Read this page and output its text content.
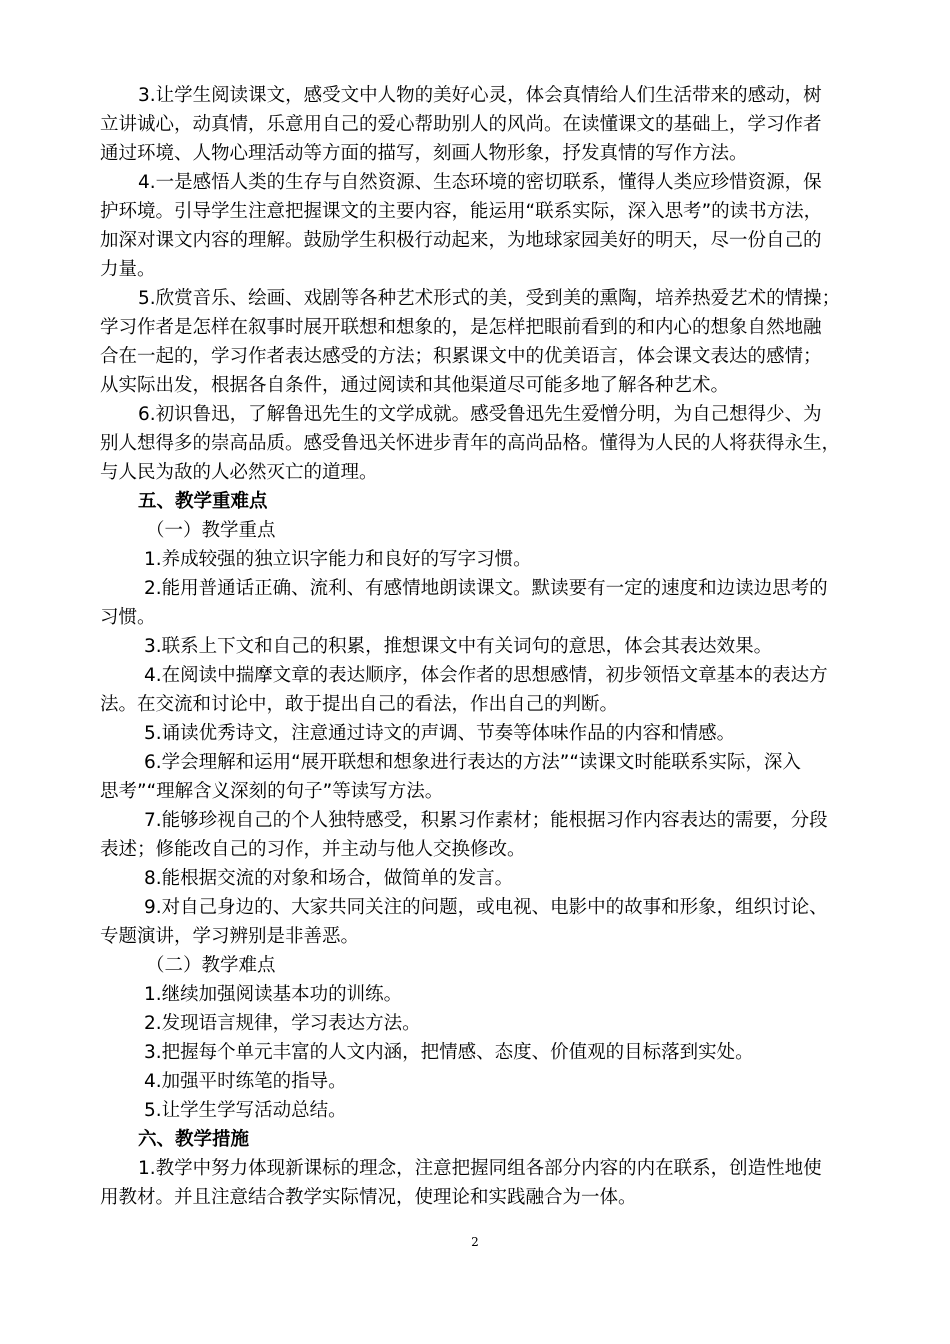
3.让学生阅读课文，感受文中人物的美好心灵，体会真情给人们生活带来的感动，树
立讲诚心，动真情，乐意用自己的爱心帮助别人的风尚。在读懂课文的基础上，学习作者
通过环境、人物心理活动等方面的描写，刻画人物形象，抒发真情的写作方法。
4.一是感悟人类的生存与自然资源、生态环境的密切联系，懂得人类应珍惜资源，保
护环境。引导学生注意把握课文的主要内容，能运用“联系实际，深入思考”的读书方法，
加深对课文内容的理解。鼓励学生积极行动起来，为地球家园美好的明天，尽一份自己的
力量。
5.欣赏音乐、绘画、戏剧等各种艺术形式的美，受到美的熏陶，培养热爱艺术的情操；
学习作者是怎样在叙事时展开联想和想象的，是怎样把眼前看到的和内心的想象自然地融
合在一起的，学习作者表达感受的方法；积累课文中的优美语言，体会课文表达的感情；
从实际出发，根据各自条件，通过阅读和其他渠道尽可能多地了解各种艺术。
6.初识鲁迅，了解鲁迅先生的文学成就。感受鲁迅先生爱憎分明，为自己想得少、为
别人想得多的崇高品质。感受鲁迅关怀进步青年的高尚品格。懂得为人民的人将获得永生，
与人民为敌的人必然灭亡的道理。
五、教学重难点
（一）教学重点
1.养成较强的独立识字能力和良好的写字习惯。
2.能用普通话正确、流利、有感情地朗读课文。默读要有一定的速度和边读边思考的
习惯。
3.联系上下文和自己的积累，推想课文中有关词句的意思，体会其表达效果。
4.在阅读中揣摩文章的表达顺序，体会作者的思想感情，初步领悟文章基本的表达方
法。在交流和讨论中，敢于提出自己的看法，作出自己的判断。
5.诵读优秀诗文，注意通过诗文的声调、节奏等体味作品的内容和情感。
6.学会理解和运用“展开联想和想象进行表达的方法”“读课文时能联系实际，深入
思考”“理解含义深刻的句子”等读写方法。
7.能够珍视自己的个人独特感受，积累习作素材；能根据习作内容表达的需要，分段
表述；修能改自己的习作，并主动与他人交换修改。
8.能根据交流的对象和场合，做简单的发言。
9.对自己身边的、大家共同关注的问题，或电视、电影中的故事和形象，组织讨论、
专题演讲，学习辨别是非善恶。
（二）教学难点
1.继续加强阅读基本功的训练。
2.发现语言规律，学习表达方法。
3.把握每个单元丰富的人文内涵，把情感、态度、价值观的目标落到实处。
4.加强平时练笔的指导。
5.让学生学写活动总结。
六、教学措施
1.教学中努力体现新课标的理念，注意把握同组各部分内容的内在联系，创造性地使
用教材。并且注意结合教学实际情况，使理论和实践融合为一体。
2
